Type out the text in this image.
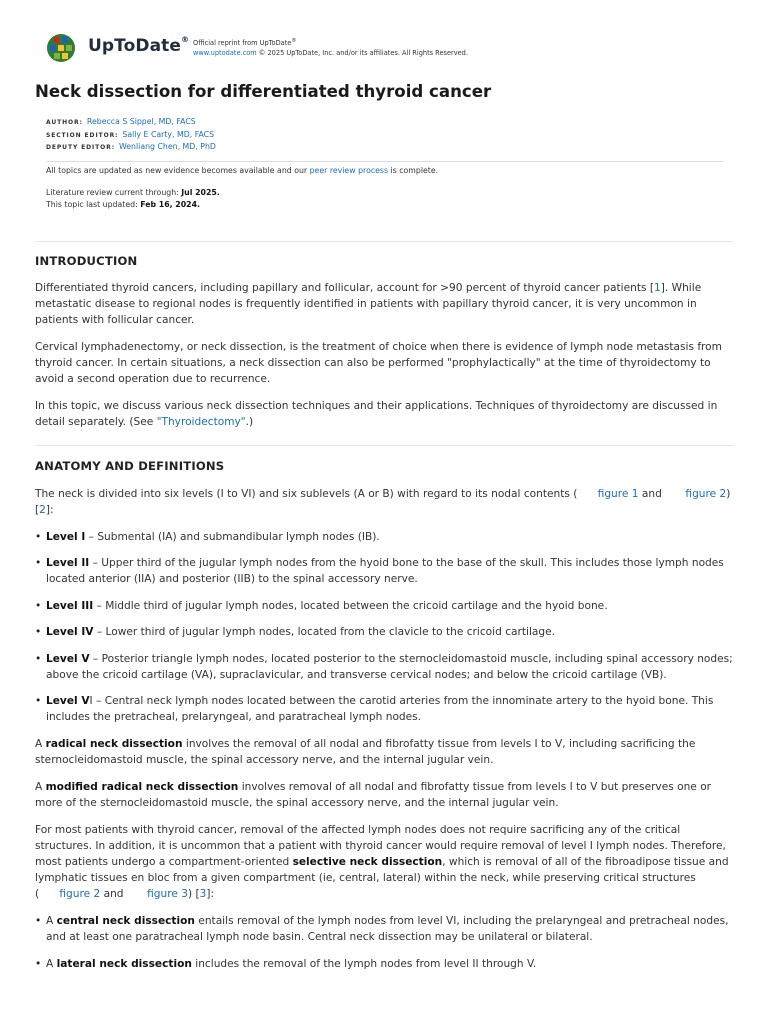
UpToDate® Official reprint from UpToDate®
www.uptodate.com © 2025 UpToDate, Inc. and/or its affiliates. All Rights Reserved.
Neck dissection for differentiated thyroid cancer
AUTHOR: Rebecca S Sippel, MD, FACS
SECTION EDITOR: Sally E Carty, MD, FACS
DEPUTY EDITOR: Wenliang Chen, MD, PhD
All topics are updated as new evidence becomes available and our peer review process is complete.
Literature review current through: Jul 2025.
This topic last updated: Feb 16, 2024.
INTRODUCTION

Differentiated thyroid cancers, including papillary and follicular, account for >90 percent of thyroid cancer patients [1]. While metastatic disease to regional nodes is frequently identified in patients with papillary thyroid cancer, it is very uncommon in patients with follicular cancer.

Cervical lymphadenectomy, or neck dissection, is the treatment of choice when there is evidence of lymph node metastasis from thyroid cancer. In certain situations, a neck dissection can also be performed "prophylactically" at the time of thyroidectomy to avoid a second operation due to recurrence.

In this topic, we discuss various neck dissection techniques and their applications. Techniques of thyroidectomy are discussed in detail separately. (See "Thyroidectomy".)

ANATOMY AND DEFINITIONS

The neck is divided into six levels (I to VI) and six sublevels (A or B) with regard to its nodal contents ( figure 1 and       figure 2) [2]:

• Level I – Submental (IA) and submandibular lymph nodes (IB).
• Level II – Upper third of the jugular lymph nodes from the hyoid bone to the base of the skull. This includes those lymph nodes located anterior (IIA) and posterior (IIB) to the spinal accessory nerve.
• Level III – Middle third of jugular lymph nodes, located between the cricoid cartilage and the hyoid bone.
• Level IV – Lower third of jugular lymph nodes, located from the clavicle to the cricoid cartilage.
• Level V – Posterior triangle lymph nodes, located posterior to the sternocleidomastoid muscle, including spinal accessory nodes; above the cricoid cartilage (VA), supraclavicular, and transverse cervical nodes; and below the cricoid cartilage (VB).
• Level VI – Central neck lymph nodes located between the carotid arteries from the innominate artery to the hyoid bone. This includes the pretracheal, prelaryngeal, and paratracheal lymph nodes.

A radical neck dissection involves the removal of all nodal and fibrofatty tissue from levels I to V, including sacrificing the sternocleidomastoid muscle, the spinal accessory nerve, and the internal jugular vein.

A modified radical neck dissection involves removal of all nodal and fibrofatty tissue from levels I to V but preserves one or more of the sternocleidomastoid muscle, the spinal accessory nerve, and the internal jugular vein.

For most patients with thyroid cancer, removal of the affected lymph nodes does not require sacrificing any of the critical structures. In addition, it is uncommon that a patient with thyroid cancer would require removal of level I lymph nodes. Therefore, most patients undergo a compartment-oriented selective neck dissection, which is removal of all of the fibroadipose tissue and lymphatic tissues en bloc from a given compartment (ie, central, lateral) within the neck, while preserving critical structures ( figure 2 and       figure 3) [3]:

• A central neck dissection entails removal of the lymph nodes from level VI, including the prelaryngeal and pretracheal nodes, and at least one paratracheal lymph node basin. Central neck dissection may be unilateral or bilateral.
• A lateral neck dissection includes the removal of the lymph nodes from level II through V.
